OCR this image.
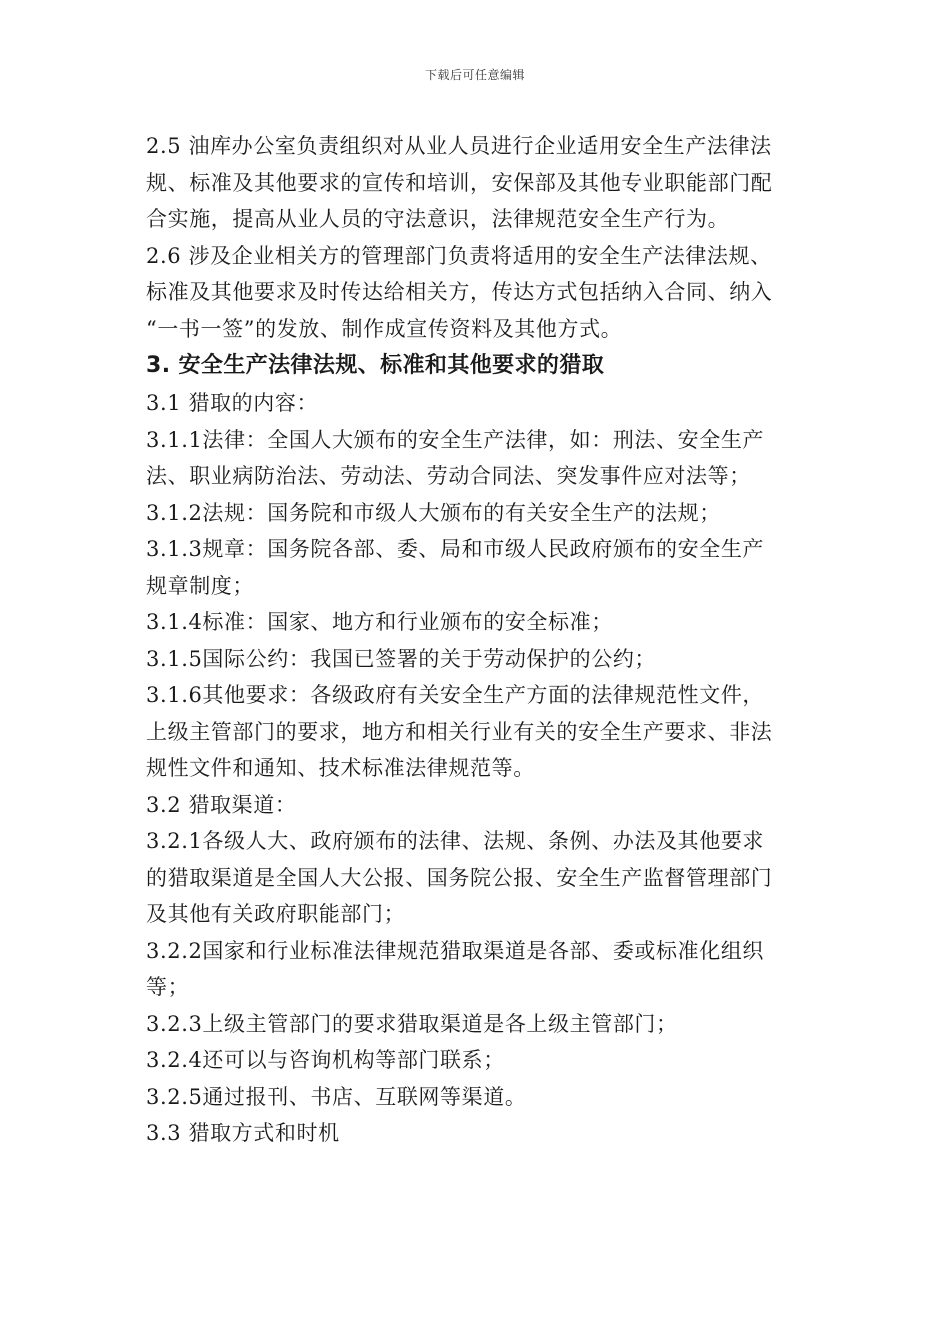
下载后可任意编辑
2.5 油库办公室负责组织对从业人员进行企业适用安全生产法律法
规、标准及其他要求的宣传和培训，安保部及其他专业职能部门配
合实施，提高从业人员的守法意识，法律规范安全生产行为。
2.6 涉及企业相关方的管理部门负责将适用的安全生产法律法规、
标准及其他要求及时传达给相关方，传达方式包括纳入合同、纳入
“一书一签”的发放、制作成宣传资料及其他方式。
3. 安全生产法律法规、标准和其他要求的猎取
3.1 猎取的内容：
3.1.1法律：全国人大颁布的安全生产法律，如：刑法、安全生产
法、职业病防治法、劳动法、劳动合同法、突发事件应对法等；
3.1.2法规：国务院和市级人大颁布的有关安全生产的法规；
3.1.3规章：国务院各部、委、局和市级人民政府颁布的安全生产
规章制度；
3.1.4标准：国家、地方和行业颁布的安全标准；
3.1.5国际公约：我国已签署的关于劳动保护的公约；
3.1.6其他要求：各级政府有关安全生产方面的法律规范性文件，
上级主管部门的要求，地方和相关行业有关的安全生产要求、非法
规性文件和通知、技术标准法律规范等。
3.2 猎取渠道：
3.2.1各级人大、政府颁布的法律、法规、条例、办法及其他要求
的猎取渠道是全国人大公报、国务院公报、安全生产监督管理部门
及其他有关政府职能部门；
3.2.2国家和行业标准法律规范猎取渠道是各部、委或标准化组织
等；
3.2.3上级主管部门的要求猎取渠道是各上级主管部门；
3.2.4还可以与咨询机构等部门联系；
3.2.5通过报刊、书店、互联网等渠道。
3.3 猎取方式和时机
